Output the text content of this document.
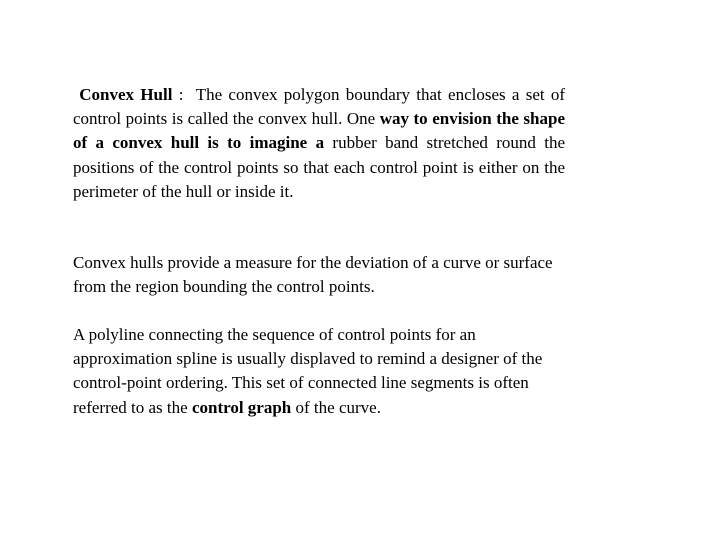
Convex Hull :  The convex polygon boundary that encloses a set of control points is called the convex hull. One way to envision the shape of a convex hull is to imagine a rubber band stretched round the positions of the control points so that each control point is either on the perimeter of the hull or inside it.

Convex hulls provide a measure for the deviation of a curve or surface from the region bounding the control points.

A polyline connecting the sequence of control points for an approximation spline is usually displaved to remind a designer of the control-point ordering. This set of connected line segments is often referred to as the control graph of the curve.
